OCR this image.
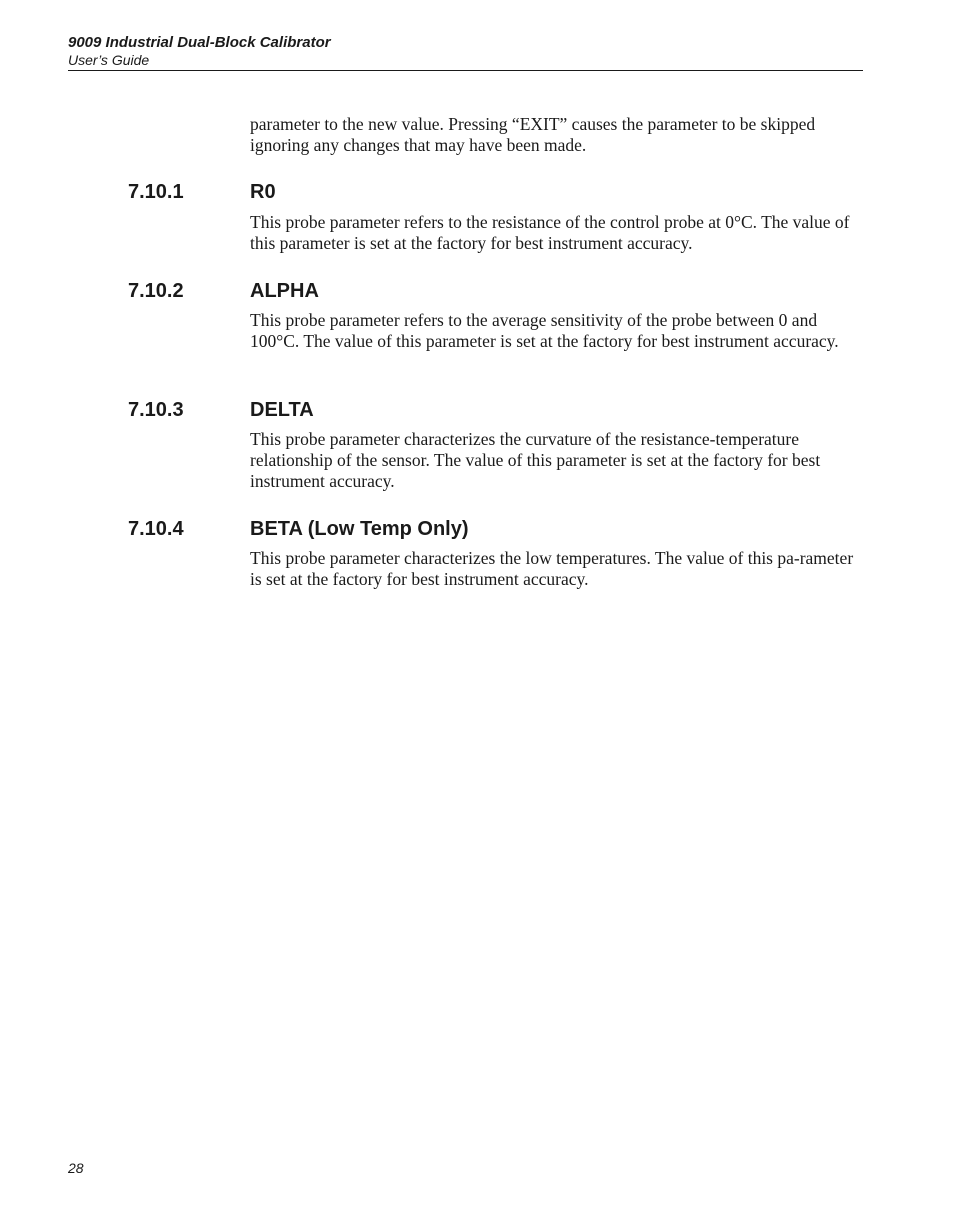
9009 Industrial Dual-Block Calibrator
User’s Guide

parameter to the new value. Pressing “EXIT” causes the parameter to be skipped ignoring any changes that may have been made.

7.10.1	R0

This probe parameter refers to the resistance of the control probe at 0°C. The value of this parameter is set at the factory for best instrument accuracy.

7.10.2	ALPHA

This probe parameter refers to the average sensitivity of the probe between 0 and 100°C. The value of this parameter is set at the factory for best instrument accuracy.

7.10.3	DELTA

This probe parameter characterizes the curvature of the resistance-temperature relationship of the sensor. The value of this parameter is set at the factory for best instrument accuracy.

7.10.4	BETA (Low Temp Only)

This probe parameter characterizes the low temperatures. The value of this pa-rameter is set at the factory for best instrument accuracy.

28
